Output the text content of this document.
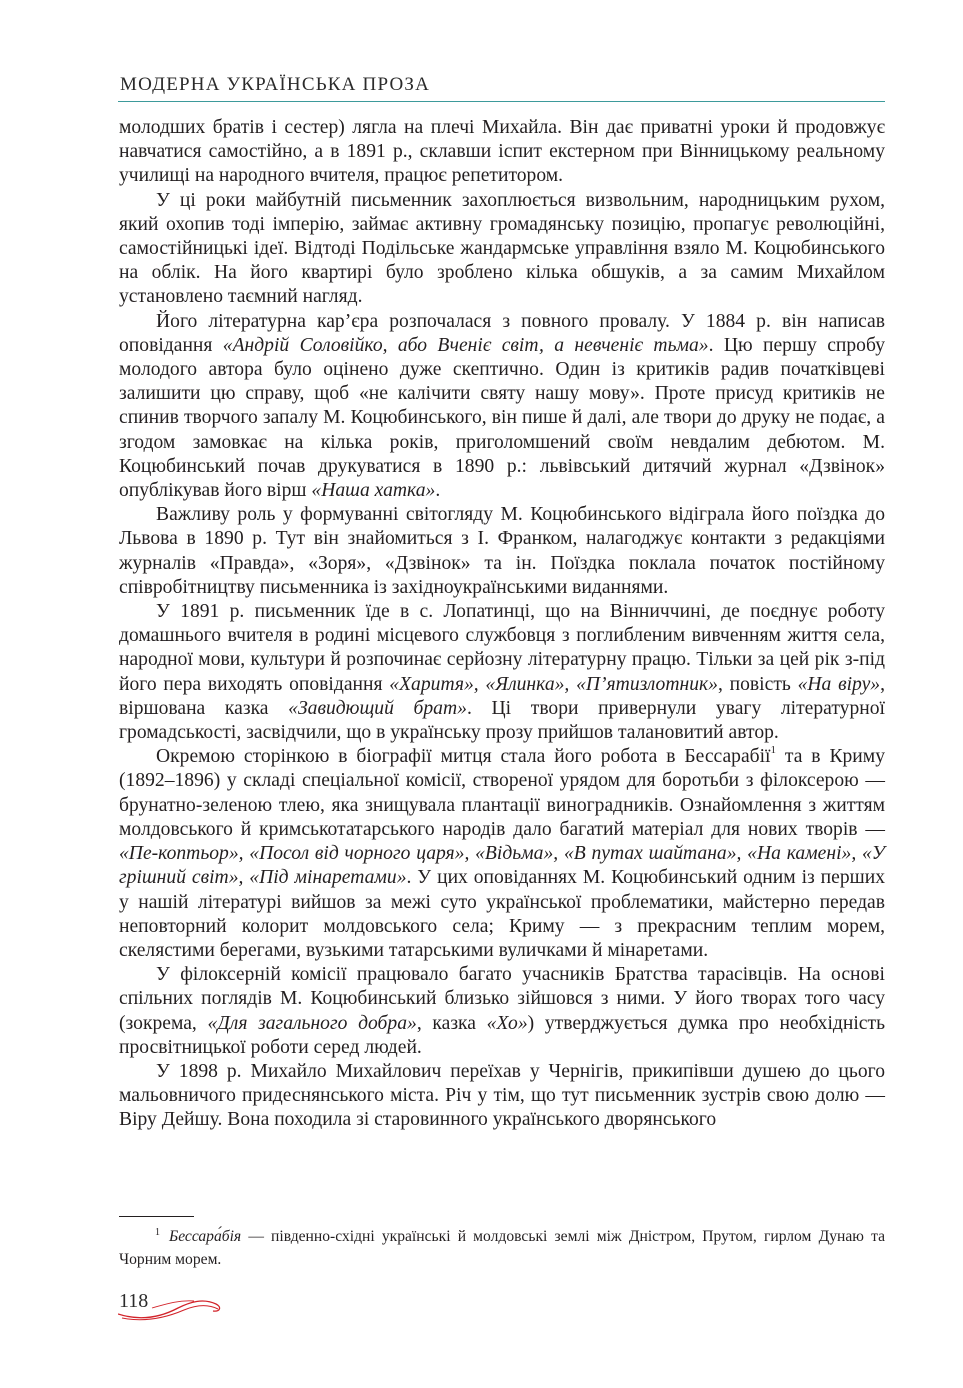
МОДЕРНА УКРАЇНСЬКА ПРОЗА

молодших братів і сестер) лягла на плечі Михайла. Він дає приватні уроки й продовжує навчатися самостійно, а в 1891 р., склавши іспит екстерном при Вінницькому реальному училищі на народного вчителя, працює репетитором.

У ці роки майбутній письменник захоплюється визвольним, народницьким рухом, який охопив тоді імперію, займає активну громадянську позицію, пропагує революційні, самостійницькі ідеї. Відтоді Подільське жандармське управління взяло М. Коцюбинського на облік. На його квартирі було зроблено кілька обшуків, а за самим Михайлом установлено таємний нагляд.

Його літературна кар’єра розпочалася з повного провалу. У 1884 р. він написав оповідання «Андрій Соловійко, або Вченіє світ, а невченіє тьма». Цю першу спробу молодого автора було оцінено дуже скептично. Один із критиків радив початківцеві залишити цю справу, щоб «не калічити святу нашу мову». Проте присуд критиків не спинив творчого запалу М. Коцюбинського, він пише й далі, але твори до друку не подає, а згодом замовкає на кілька років, приголомшений своїм невдалим дебютом. М. Коцюбинський почав друкуватися в 1890 р.: львівський дитячий журнал «Дзвінок» опублікував його вірш «Наша хатка».

Важливу роль у формуванні світогляду М. Коцюбинського відіграла його поїздка до Львова в 1890 р. Тут він знайомиться з І. Франком, налагоджує контакти з редакціями журналів «Правда», «Зоря», «Дзвінок» та ін. Поїздка поклала початок постійному співробітництву письменника із західноукраїнськими виданнями.

У 1891 р. письменник їде в с. Лопатинці, що на Вінниччині, де поєднує роботу домашнього вчителя в родині місцевого службовця з поглибленим вивченням життя села, народної мови, культури й розпочинає серйозну літературну працю. Тільки за цей рік з-під його пера виходять оповідання «Харитя», «Ялинка», «П’ятизлотник», повість «На віру», віршована казка «Завидющий брат». Ці твори привернули увагу літературної громадськості, засвідчили, що в українську прозу прийшов талановитий автор.

Окремою сторінкою в біографії митця стала його робота в Бессарабії$^1$ та в Криму (1892–1896) у складі спеціальної комісії, створеної урядом для боротьби з філоксерою — брунатно-зеленою тлею, яка знищувала плантації виноградників. Ознайомлення з життям молдовського й кримськотатарського народів дало багатий матеріал для нових творів — «Пе-коптьор», «Посол від чорного царя», «Відьма», «В путах шайтана», «На камені», «У грішний світ», «Під мінаретами». У цих оповіданнях М. Коцюбинський одним із перших у нашій літературі вийшов за межі суто української проблематики, майстерно передав неповторний колорит молдовського села; Криму — з прекрасним теплим морем, скелястими берегами, вузькими татарськими вуличками й мінаретами.

У філоксерній комісії працювало багато учасників Братства тарасівців. На основі спільних поглядів М. Коцюбинський близько зійшовся з ними. У його творах того часу (зокрема, «Для загального добра», казка «Хо») утверджується думка про необхідність просвітницької роботи серед людей.

У 1898 р. Михайло Михайлович переїхав у Чернігів, прикипівши душею до цього мальовничого придеснянського міста. Річ у тім, що тут письменник зустрів свою долю — Віру Дейшу. Вона походила зі старовинного українського дворянського

$^1$ Бессара́бія — південно-східні українські й молдовські землі між Дністром, Прутом, гирлом Дунаю та Чорним морем.

118
